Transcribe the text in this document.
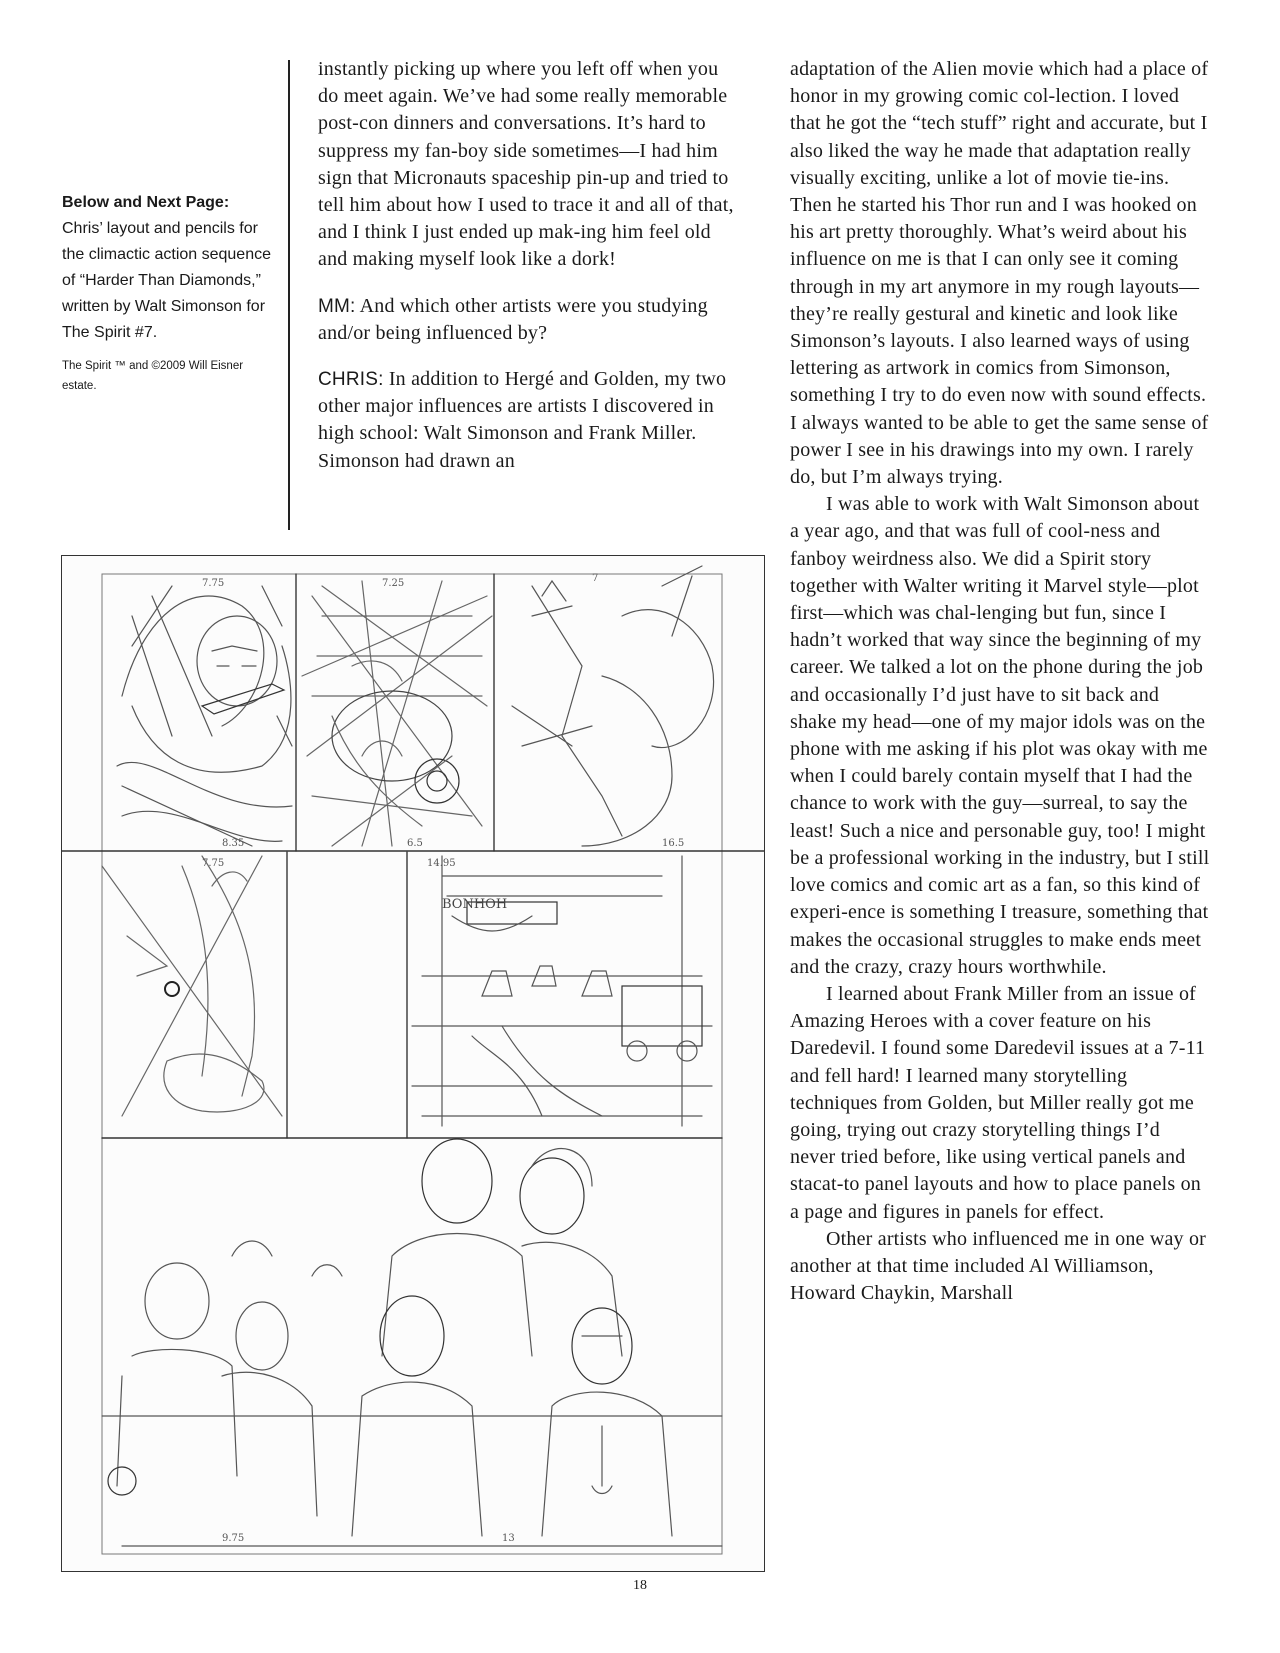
Below and Next Page:
Chris’ layout and pencils for the climactic action sequence of “Harder Than Diamonds,” written by Walt Simonson for The Spirit #7.
The Spirit ™ and ©2009 Will Eisner estate.

instantly picking up where you left off when you do meet again. We’ve had some really memorable post-con dinners and conversations. It’s hard to suppress my fan-boy side sometimes—I had him sign that Micronauts spaceship pin-up and tried to tell him about how I used to trace it and all of that, and I think I just ended up mak-ing him feel old and making myself look like a dork!

MM: And which other artists were you studying and/or being influenced by?

CHRIS: In addition to Hergé and Golden, my two other major influences are artists I discovered in high school: Walt Simonson and Frank Miller. Simonson had drawn an

adaptation of the Alien movie which had a place of honor in my growing comic col-lection. I loved that he got the “tech stuff” right and accurate, but I also liked the way he made that adaptation really visually exciting, unlike a lot of movie tie-ins. Then he started his Thor run and I was hooked on his art pretty thoroughly. What’s weird about his influence on me is that I can only see it coming through in my art anymore in my rough layouts—they’re really gestural and kinetic and look like Simonson’s layouts. I also learned ways of using lettering as artwork in comics from Simonson, something I try to do even now with sound effects. I always wanted to be able to get the same sense of power I see in his drawings into my own. I rarely do, but I’m always trying.

I was able to work with Walt Simonson about a year ago, and that was full of cool-ness and fanboy weirdness also. We did a Spirit story together with Walter writing it Marvel style—plot first—which was chal-lenging but fun, since I hadn’t worked that way since the beginning of my career. We talked a lot on the phone during the job and occasionally I’d just have to sit back and shake my head—one of my major idols was on the phone with me asking if his plot was okay with me when I could barely contain myself that I had the chance to work with the guy—surreal, to say the least! Such a nice and personable guy, too! I might be a professional working in the industry, but I still love comics and comic art as a fan, so this kind of experi-ence is something I treasure, something that makes the occasional struggles to make ends meet and the crazy, crazy hours worthwhile.

I learned about Frank Miller from an issue of Amazing Heroes with a cover feature on his Daredevil. I found some Daredevil issues at a 7-11 and fell hard! I learned many storytelling techniques from Golden, but Miller really got me going, trying out crazy storytelling things I’d never tried before, like using vertical panels and stacat-to panel layouts and how to place panels on a page and figures in panels for effect.

Other artists who influenced me in one way or another at that time included Al Williamson, Howard Chaykin, Marshall

BONHOH
7.75	7.25	7
8.35	6.5	16.5
7.75	14.95
9.75	13
18
